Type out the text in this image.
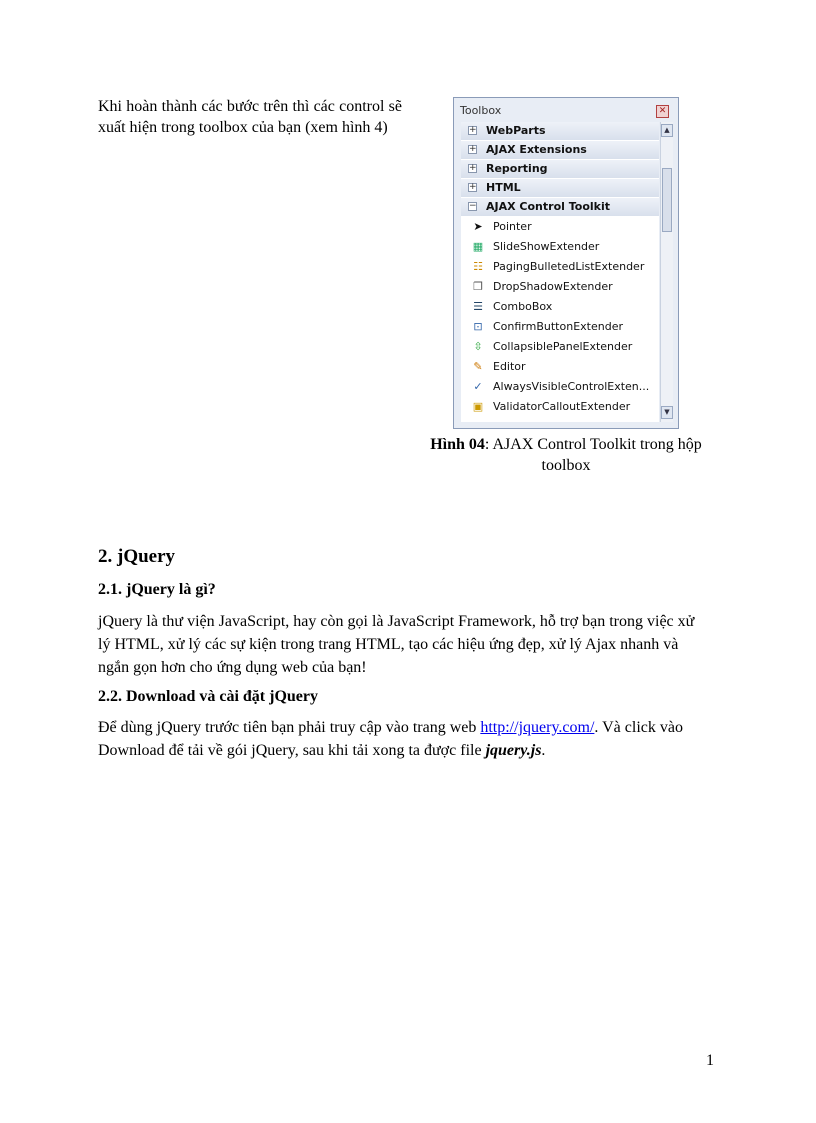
Khi hoàn thành các bước trên thì các control sẽ xuất hiện trong toolbox của bạn (xem hình 4)
Toolbox	✕
+ WebParts
+ AJAX Extensions
+ Reporting
+ HTML
− AJAX Control Toolkit
➤ Pointer
▦ SlideShowExtender
☷ PagingBulletedListExtender
❐ DropShadowExtender
☰ ComboBox
⊡ ConfirmButtonExtender
⇳ CollapsiblePanelExtender
✎ Editor
✓ AlwaysVisibleControlExten...
▣ ValidatorCalloutExtender
▲
▼
Hình 04: AJAX Control Toolkit trong hộp toolbox
2. jQuery
2.1. jQuery là gì?
jQuery là thư viện JavaScript, hay còn gọi là JavaScript Framework, hỗ trợ bạn trong việc xử lý HTML, xử lý các sự kiện trong trang HTML, tạo các hiệu ứng đẹp, xử lý Ajax nhanh và ngắn gọn hơn cho ứng dụng web của bạn!
2.2. Download và cài đặt jQuery
Để dùng jQuery trước tiên bạn phải truy cập vào trang web http://jquery.com/. Và click vào Download để tải về gói jQuery, sau khi tải xong ta được file jquery.js.
1
